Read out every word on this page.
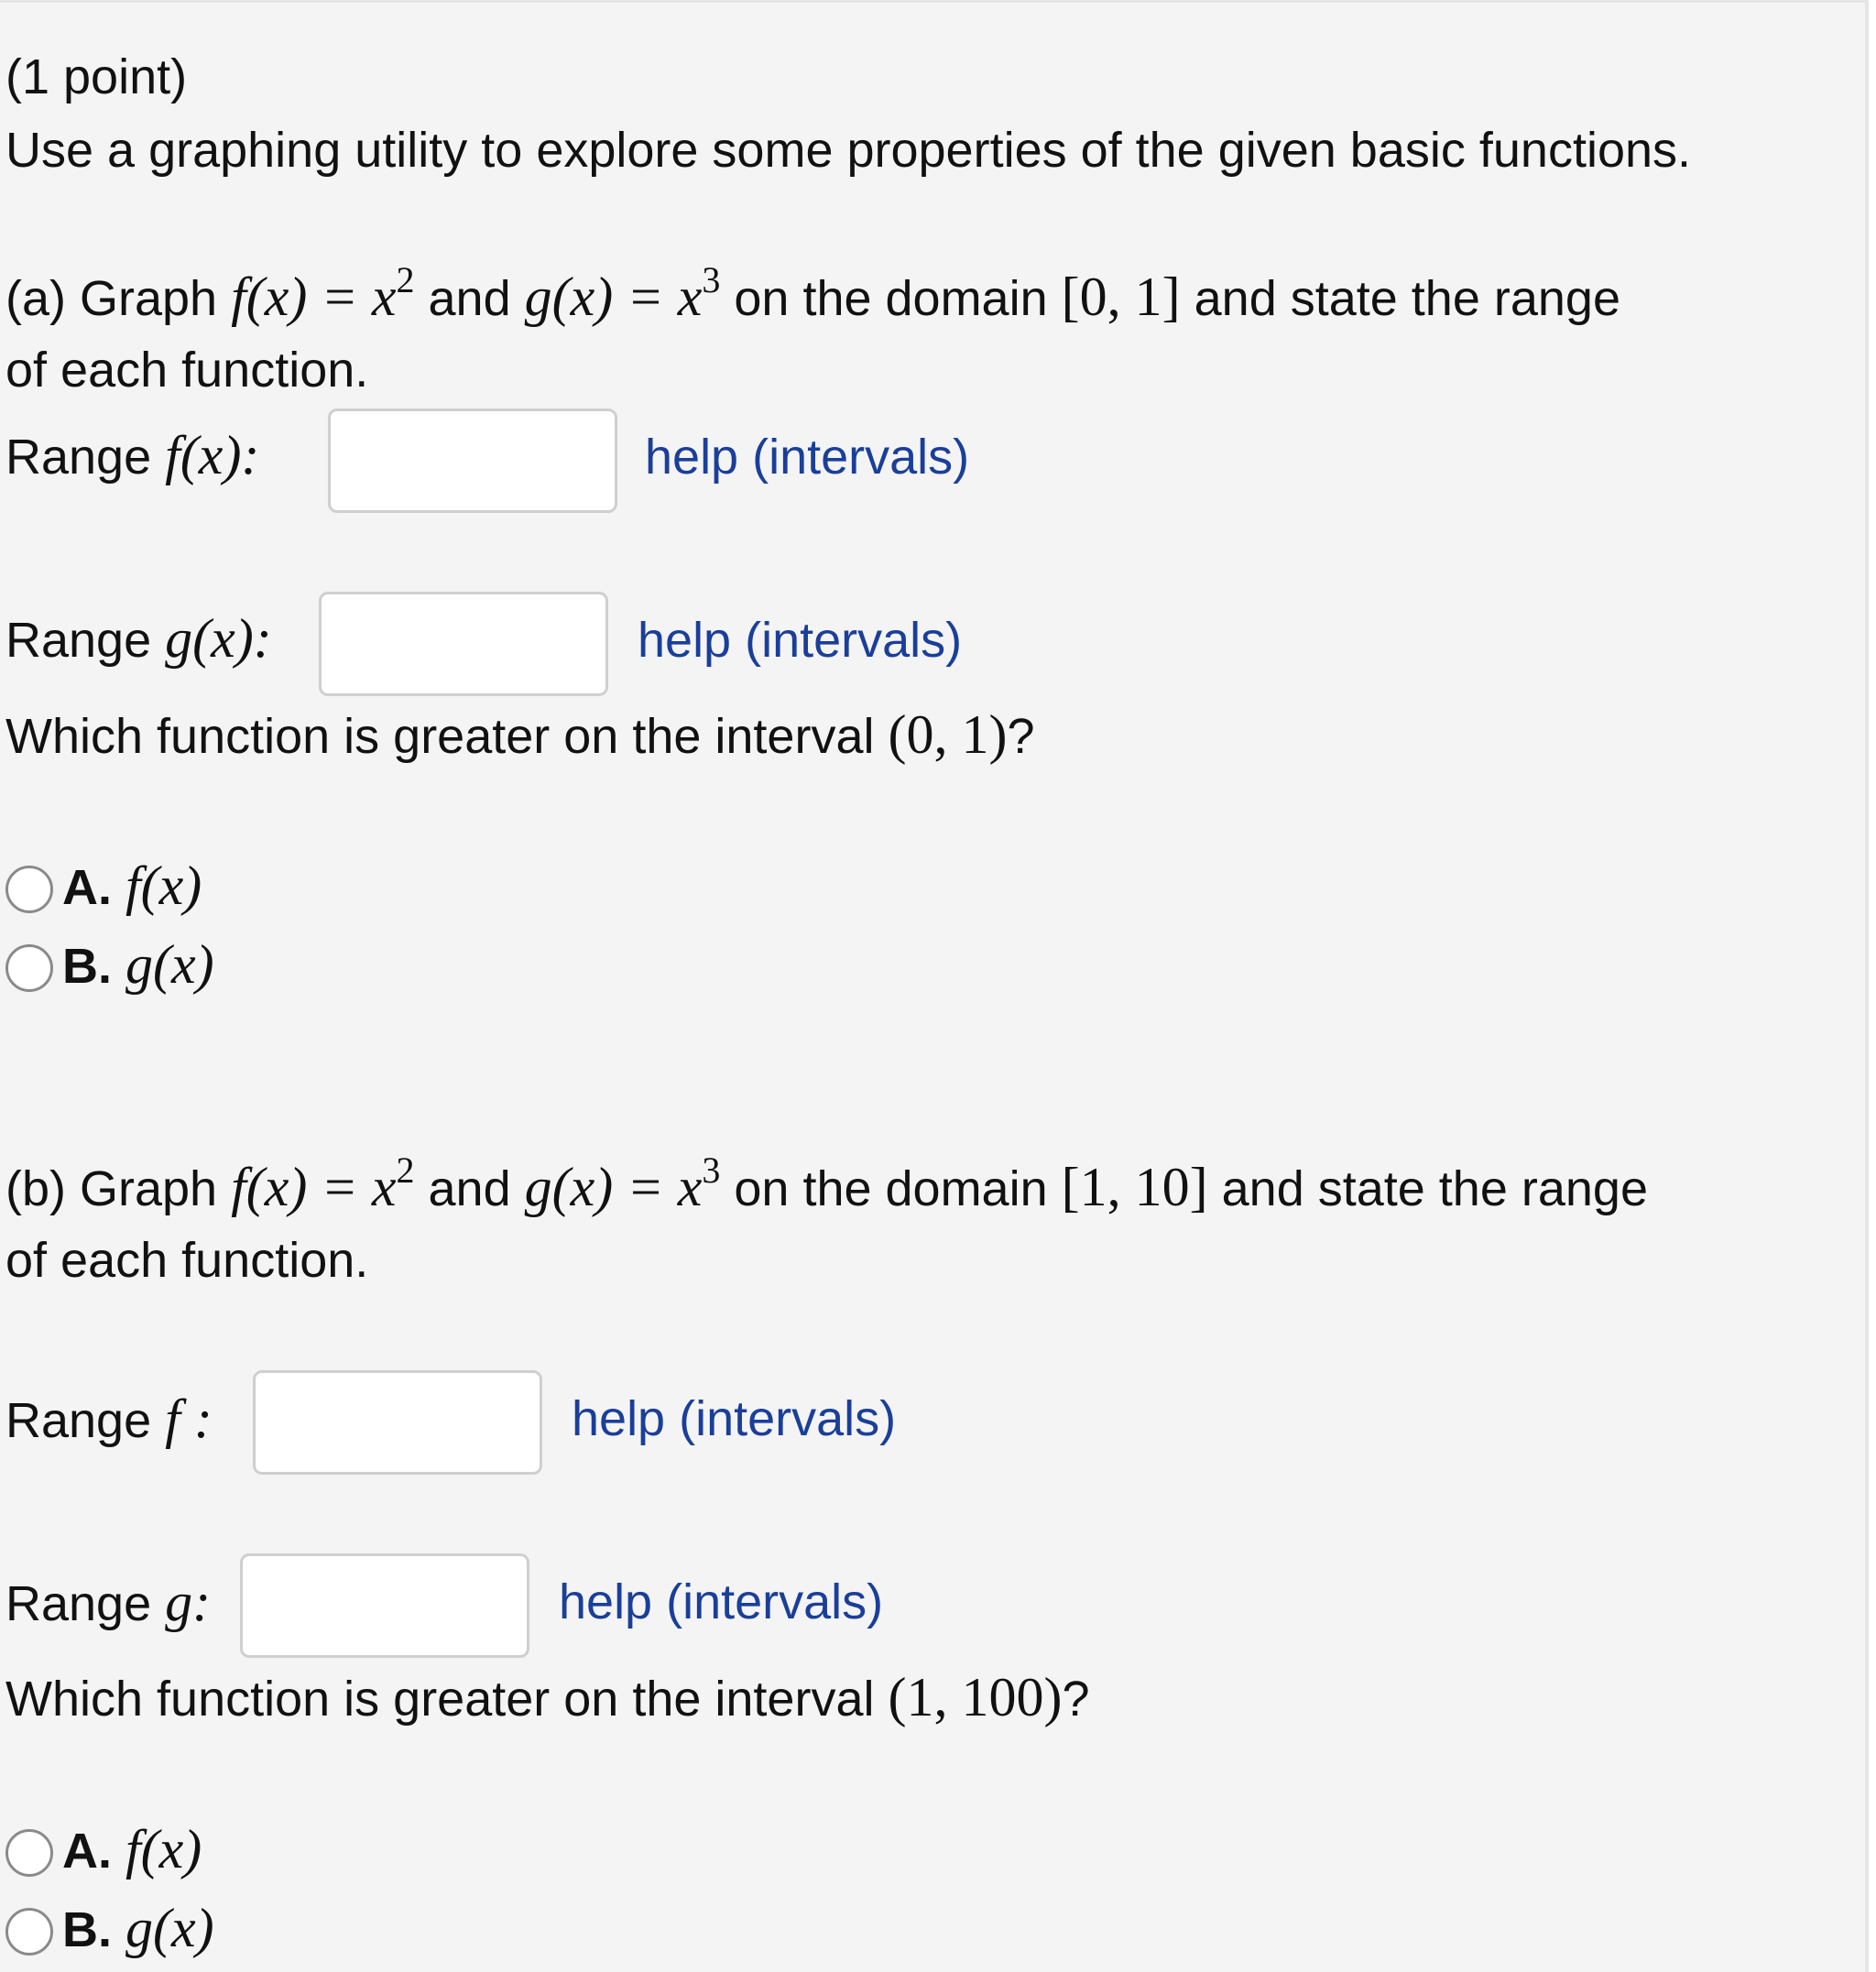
(1 point)
Use a graphing utility to explore some properties of the given basic functions.
(a) Graph $f(x) = x^2$ and $g(x) = x^3$ on the domain [0, 1] and state the range
of each function.
Range f(x):	help (intervals)
Range g(x):	help (intervals)
Which function is greater on the interval (0, 1)?
A. f(x)
B. g(x)
(b) Graph $f(x) = x^2$ and $g(x) = x^3$ on the domain [1, 10] and state the range
of each function.
Range f :	help (intervals)
Range g:	help (intervals)
Which function is greater on the interval (1, 100)?
A. f(x)
B. g(x)
